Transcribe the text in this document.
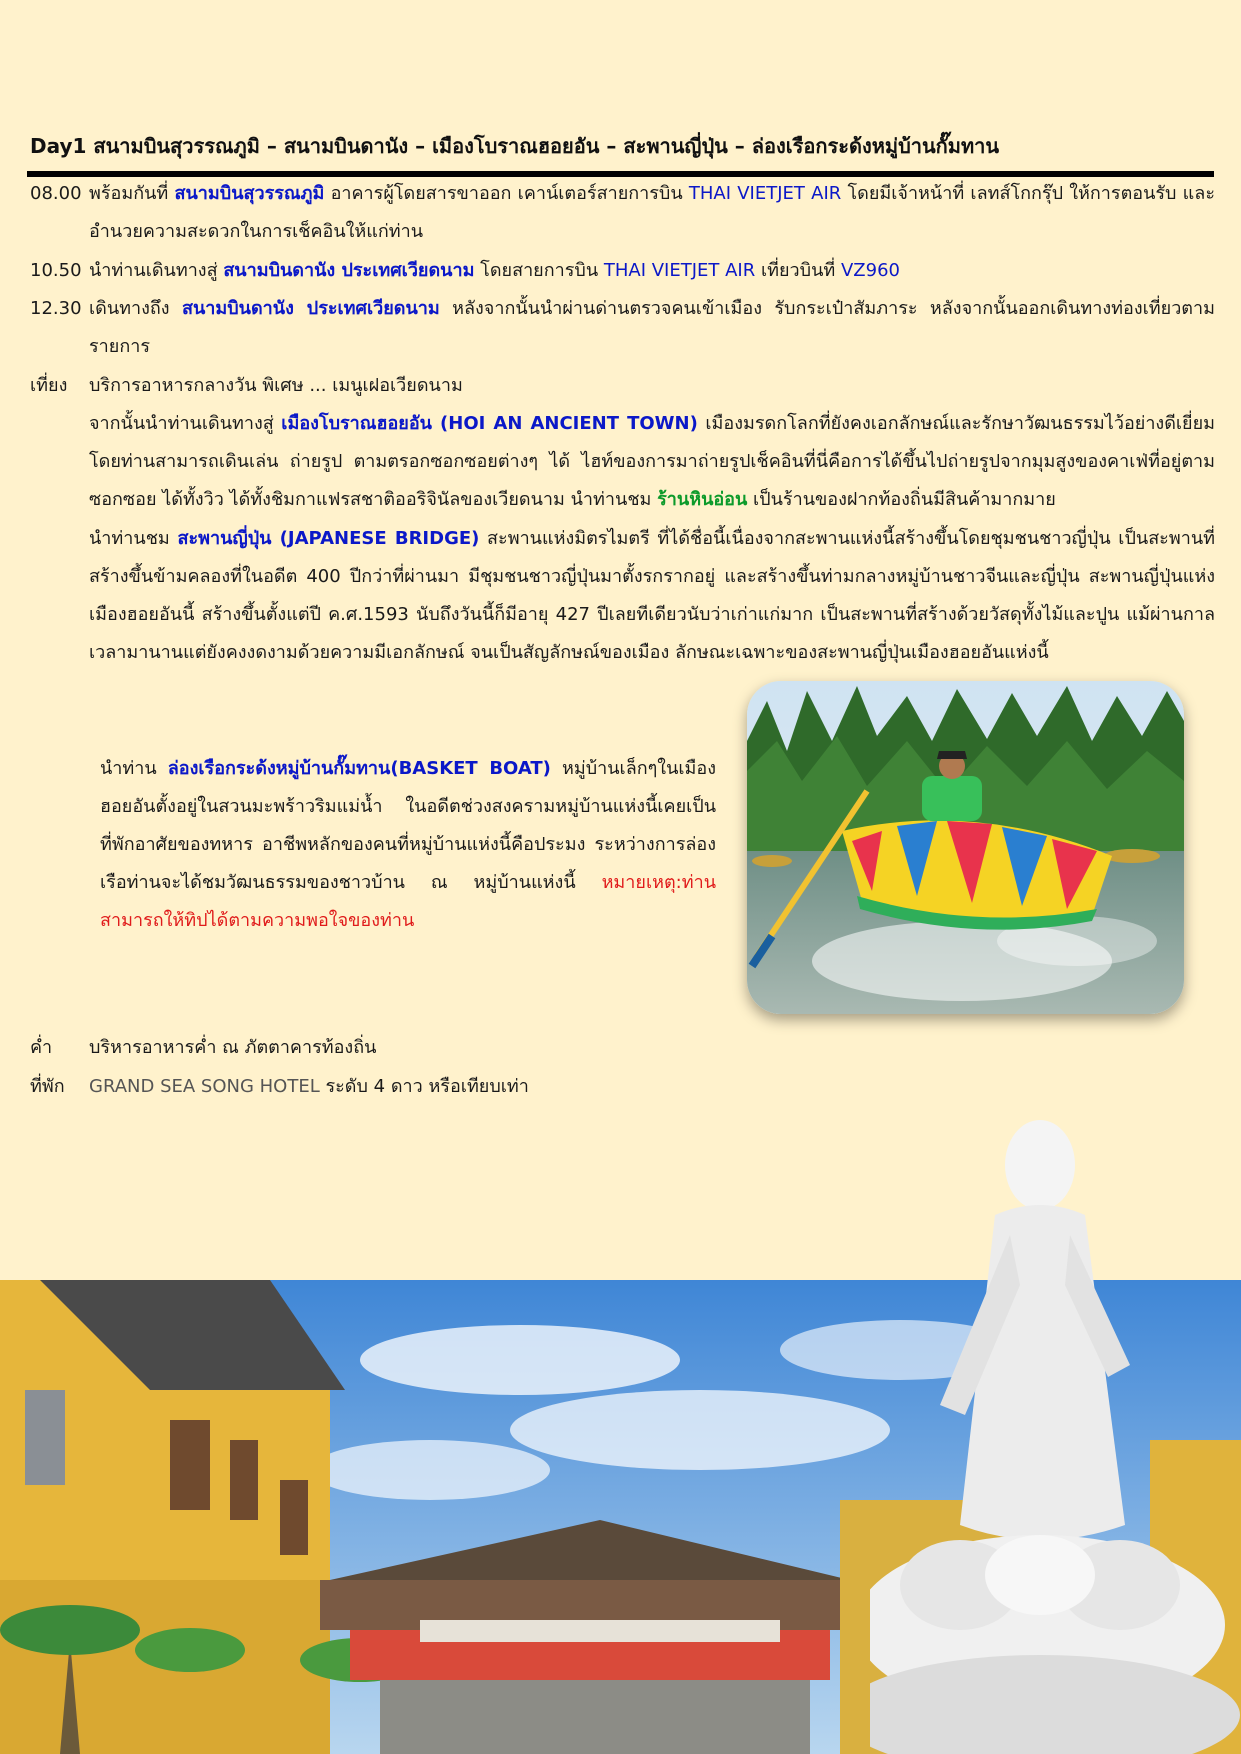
Day1 สนามบินสุวรรณภูมิ – สนามบินดานัง – เมืองโบราณฮอยอัน – สะพานญี่ปุ่น – ล่องเรือกระด้งหมู่บ้านกั๊มทาน
08.00 พร้อมกันที่ สนามบินสุวรรณภูมิ อาคารผู้โดยสารขาออก เคาน์เตอร์สายการบิน THAI VIETJET AIR โดยมีเจ้าหน้าที่ เลทส์โกกรุ๊ป ให้การตอนรับ และ อำนวยความสะดวกในการเช็คอินให้แก่ท่าน
10.50 นำท่านเดินทางสู่ สนามบินดานัง ประเทศเวียดนาม โดยสายการบิน THAI VIETJET AIR เที่ยวบินที่ VZ960
12.30 เดินทางถึง สนามบินดานัง ประเทศเวียดนาม หลังจากนั้นนำผ่านด่านตรวจคนเข้าเมือง รับกระเป๋าสัมภาระ หลังจากนั้นออกเดินทางท่องเที่ยวตามรายการ
เที่ยง	บริการอาหารกลางวัน พิเศษ ... เมนูเฝอเวียดนาม
จากนั้นนำท่านเดินทางสู่ เมืองโบราณฮอยอัน (HOI AN ANCIENT TOWN) เมืองมรดกโลกที่ยังคงเอกลักษณ์และรักษาวัฒนธรรมไว้อย่างดีเยี่ยม โดยท่านสามารถเดินเล่น ถ่ายรูป ตามตรอกซอกซอยต่างๆ ได้ ไฮท์ของการมาถ่ายรูปเช็คอินที่นี่คือการได้ขึ้นไปถ่ายรูปจากมุมสูงของคาเฟ่ที่อยู่ตามซอกซอย ได้ทั้งวิว ได้ทั้งชิมกาแฟรสชาติออริจินัลของเวียดนาม นำท่านชม ร้านหินอ่อน เป็นร้านของฝากท้องถิ่นมีสินค้ามากมาย
นำท่านชม สะพานญี่ปุ่น (JAPANESE BRIDGE) สะพานแห่งมิตรไมตรี ที่ได้ชื่อนี้เนื่องจากสะพานแห่งนี้สร้างขึ้นโดยชุมชนชาวญี่ปุ่น เป็นสะพานที่สร้างขึ้นข้ามคลองที่ในอดีต 400 ปีกว่าที่ผ่านมา มีชุมชนชาวญี่ปุ่นมาตั้งรกรากอยู่ และสร้างขึ้นท่ามกลางหมู่บ้านชาวจีนและญี่ปุ่น สะพานญี่ปุ่นแห่งเมืองฮอยอันนี้ สร้างขึ้นตั้งแต่ปี ค.ศ.1593 นับถึงวันนี้ก็มีอายุ 427 ปีเลยทีเดียวนับว่าเก่าแก่มาก เป็นสะพานที่สร้างด้วยวัสดุทั้งไม้และปูน แม้ผ่านกาลเวลามานานแต่ยังคงงดงามด้วยความมีเอกลักษณ์ จนเป็นสัญลักษณ์ของเมือง ลักษณะเฉพาะของสะพานญี่ปุ่นเมืองฮอยอันแห่งนี้
นำท่าน ล่องเรือกระด้งหมู่บ้านกั๊มทาน(BASKET BOAT) หมู่บ้านเล็กๆในเมืองฮอยอันตั้งอยู่ในสวนมะพร้าวริมแม่น้ำ ในอดีตช่วงสงครามหมู่บ้านแห่งนี้เคยเป็นที่พักอาศัยของทหาร อาชีพหลักของคนที่หมู่บ้านแห่งนี้คือประมง ระหว่างการล่องเรือท่านจะได้ชมวัฒนธรรมของชาวบ้าน ณ หมู่บ้านแห่งนี้ หมายเหตุ:ท่านสามารถให้ทิปได้ตามความพอใจของท่าน
ค่ำ	บริหารอาหารค่ำ ณ ภัตตาคารท้องถิ่น
ที่พัก	GRAND SEA SONG HOTEL ระดับ 4 ดาว หรือเทียบเท่า
